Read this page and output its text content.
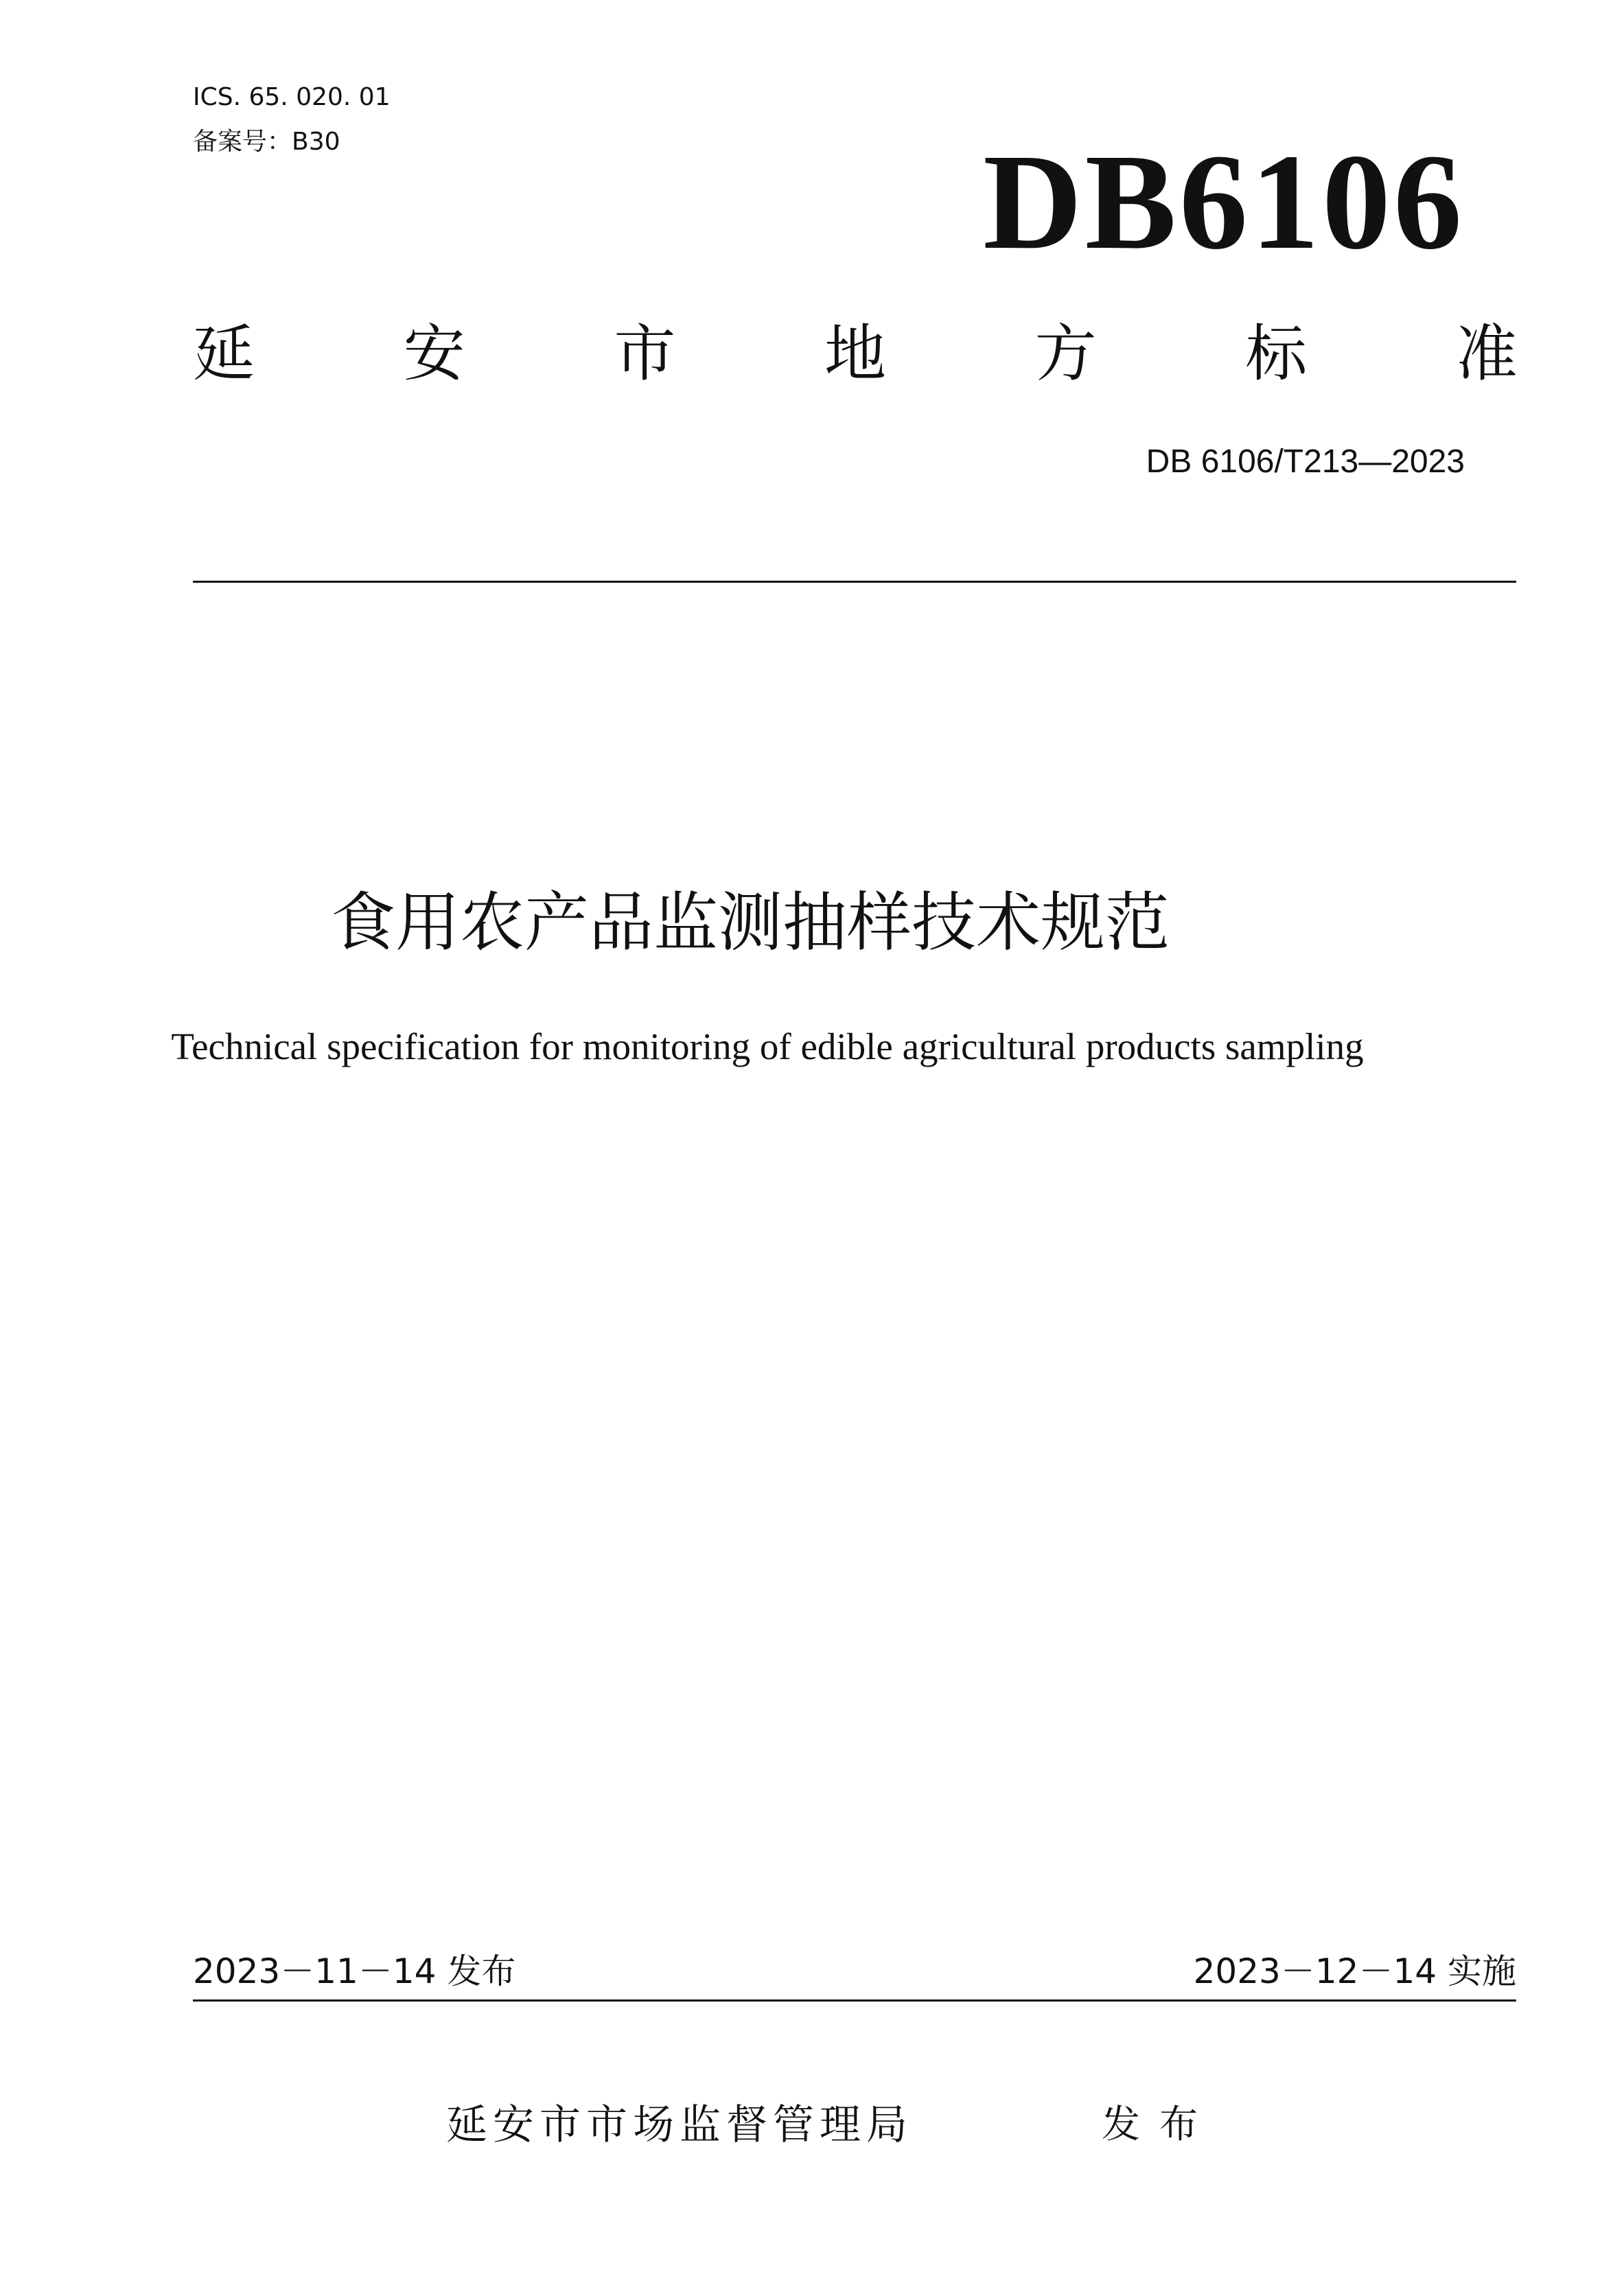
ICS. 65. 020. 01
备案号：B30	DB6106
延 安 市 地 方 标 准
DB 6106/T213—2023
食用农产品监测抽样技术规范
Technical specification for monitoring of edible agricultural products sampling
2023－11－14 发布	2023－12－14 实施
延安市市场监督管理局	发布
